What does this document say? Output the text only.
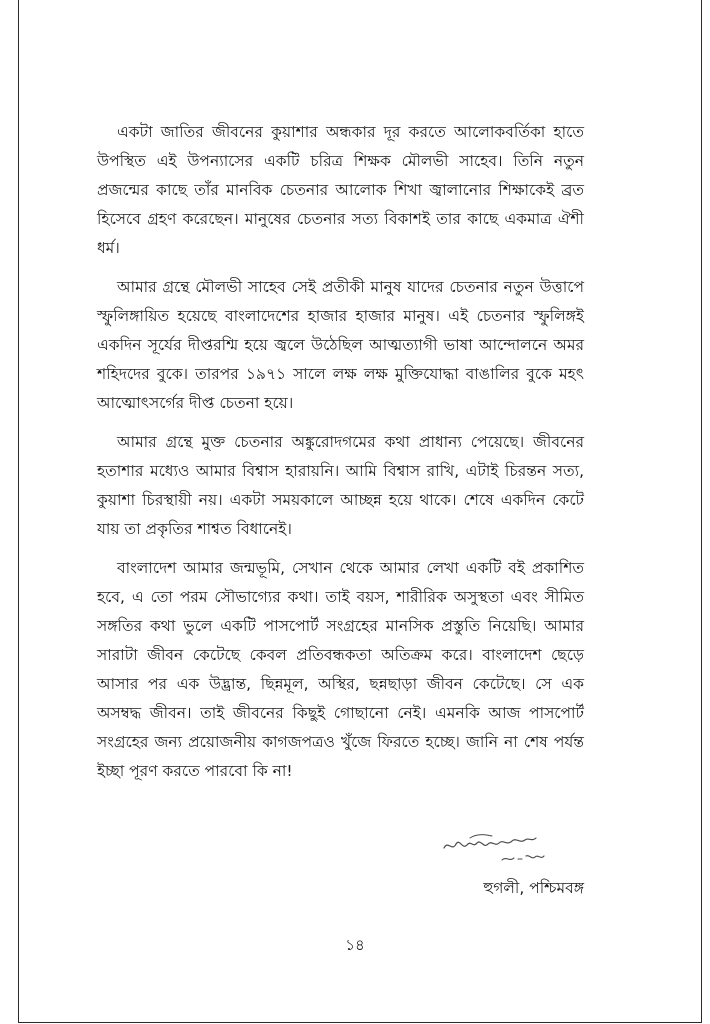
একটা জাতির জীবনের কুয়াশার অন্ধকার দূর করতে আলোকবর্তিকা হাতে উপস্থিত এই উপন্যাসের একটি চরিত্র শিক্ষক মৌলভী সাহেব। তিনি নতুন প্রজন্মের কাছে তাঁর মানবিক চেতনার আলোক শিখা জ্বালানোর শিক্ষাকেই ব্রত হিসেবে গ্রহণ করেছেন। মানুষের চেতনার সত্য বিকাশই তার কাছে একমাত্র ঐশী ধর্ম।

আমার গ্রন্থে মৌলভী সাহেব সেই প্রতীকী মানুষ যাদের চেতনার নতুন উত্তাপে স্ফুলিঙ্গায়িত হয়েছে বাংলাদেশের হাজার হাজার মানুষ। এই চেতনার স্ফুলিঙ্গই একদিন সূর্যের দীপ্তরশ্মি হয়ে জ্বলে উঠেছিল আত্মত্যাগী ভাষা আন্দোলনে অমর শহিদদের বুকে। তারপর ১৯৭১ সালে লক্ষ লক্ষ মুক্তিযোদ্ধা বাঙালির বুকে মহৎ আত্মোৎসর্গের দীপ্ত চেতনা হয়ে।

আমার গ্রন্থে মুক্ত চেতনার অঙ্কুরোদগমের কথা প্রাধান্য পেয়েছে। জীবনের হতাশার মধ্যেও আমার বিশ্বাস হারায়নি। আমি বিশ্বাস রাখি, এটাই চিরন্তন সত্য, কুয়াশা চিরস্থায়ী নয়। একটা সময়কালে আচ্ছন্ন হয়ে থাকে। শেষে একদিন কেটে যায় তা প্রকৃতির শাশ্বত বিধানেই।

বাংলাদেশ আমার জন্মভূমি, সেখান থেকে আমার লেখা একটি বই প্রকাশিত হবে, এ তো পরম সৌভাগ্যের কথা। তাই বয়স, শারীরিক অসুস্থতা এবং সীমিত সঙ্গতির কথা ভুলে একটি পাসপোর্ট সংগ্রহের মানসিক প্রস্তুতি নিয়েছি। আমার সারাটা জীবন কেটেছে কেবল প্রতিবন্ধকতা অতিক্রম করে। বাংলাদেশ ছেড়ে আসার পর এক উদ্ভ্রান্ত, ছিন্নমূল, অস্থির, ছন্নছাড়া জীবন কেটেছে। সে এক অসম্বদ্ধ জীবন। তাই জীবনের কিছুই গোছানো নেই। এমনকি আজ পাসপোর্ট সংগ্রহের জন্য প্রয়োজনীয় কাগজপত্রও খুঁজে ফিরতে হচ্ছে। জানি না শেষ পর্যন্ত ইচ্ছা পূরণ করতে পারবো কি না!

হুগলী, পশ্চিমবঙ্গ
১৪
